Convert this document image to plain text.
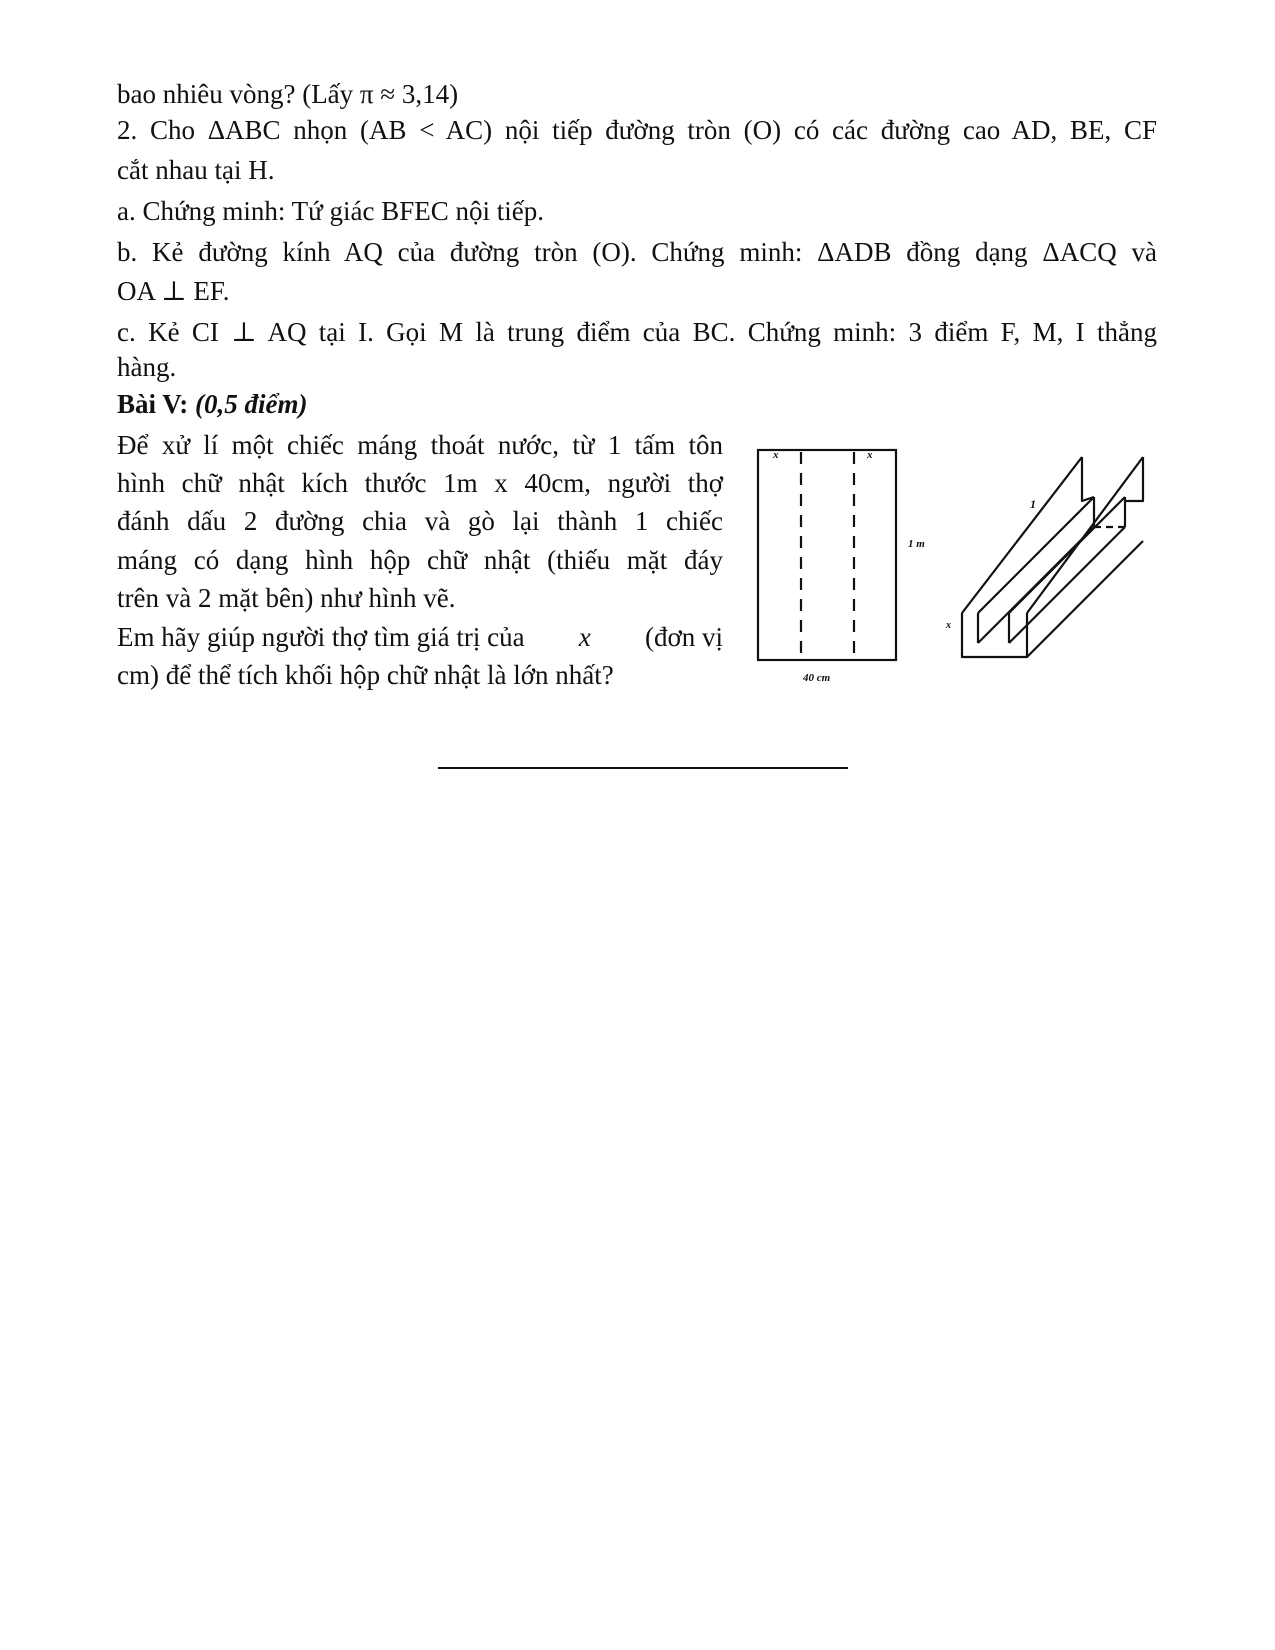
bao nhiêu vòng? (Lấy π ≈ 3,14)
2. Cho ΔABC nhọn (AB < AC) nội tiếp đường tròn (O) có các đường cao AD, BE, CF
cắt nhau tại H.
a. Chứng minh: Tứ giác BFEC nội tiếp.
b. Kẻ đường kính AQ của đường tròn (O). Chứng minh: ΔADB đồng dạng ΔACQ và
OA ⊥ EF.
c. Kẻ CI ⊥ AQ tại I. Gọi M là trung điểm của BC. Chứng minh: 3 điểm F, M, I thẳng
hàng.
Bài V: (0,5 điểm)
Để xử lí một chiếc máng thoát nước, từ 1 tấm tôn
hình chữ nhật kích thước 1m x 40cm, người thợ
đánh dấu 2 đường chia và gò lại thành 1 chiếc
máng có dạng hình hộp chữ nhật (thiếu mặt đáy
trên và 2 mặt bên) như hình vẽ.
Em hãy giúp người thợ tìm giá trị của x (đơn vị
cm) để thể tích khối hộp chữ nhật là lớn nhất?
x	x
1 m
40 cm
1
x
